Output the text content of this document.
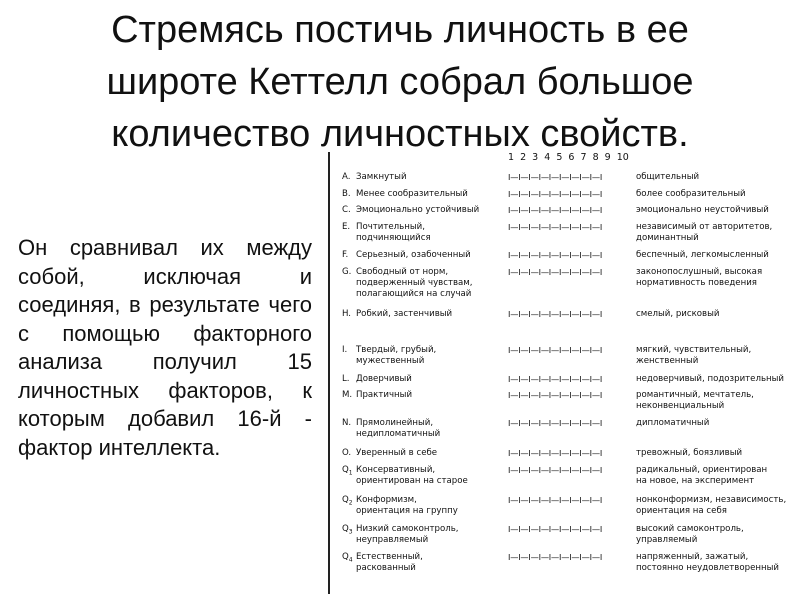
Стремясь постичь личность в ее
широте Кеттелл собрал большое
количество личностных свойств.
Он сравнивал их между собой, исключая и соединяя, в результате чего с помощью факторного анализа получил 15 личностных факторов, к которым добавил 16-й - фактор интеллекта.
1  2  3  4  5  6  7  8  9  10
A. Замкнутый	I—I—I—I—I—I—I—I—I—I	общительный
B. Менее сообразительный	I—I—I—I—I—I—I—I—I—I	более сообразительный
C. Эмоционально устойчивый	I—I—I—I—I—I—I—I—I—I	эмоционально неустойчивый
E. Почтительный,
подчиняющийся
I—I—I—I—I—I—I—I—I—I	независимый от авторитетов,
доминантный
F. Серьезный, озабоченный	I—I—I—I—I—I—I—I—I—I	беспечный, легкомысленный
G. Свободный от норм,
подверженный чувствам,
полагающийся на случай
I—I—I—I—I—I—I—I—I—I	законопослушный, высокая
нормативность поведения
H. Робкий, застенчивый	I—I—I—I—I—I—I—I—I—I	смелый, рисковый
I. Твердый, грубый,
мужественный
I—I—I—I—I—I—I—I—I—I	мягкий, чувствительный,
женственный
L. Доверчивый	I—I—I—I—I—I—I—I—I—I	недоверчивый, подозрительный
M. Практичный	I—I—I—I—I—I—I—I—I—I	романтичный, мечтатель,
неконвенциальный
N. Прямолинейный,
недипломатичный
I—I—I—I—I—I—I—I—I—I	дипломатичный
O. Уверенный в себе	I—I—I—I—I—I—I—I—I—I	тревожный, боязливый
$Q_1$ Консервативный,
ориентирован на старое
I—I—I—I—I—I—I—I—I—I	радикальный, ориентирован
на новое, на эксперимент
$Q_2$ Конформизм,
ориентация на группу
I—I—I—I—I—I—I—I—I—I	нонконформизм, независимость,
ориентация на себя
$Q_3$ Низкий самоконтроль,
неуправляемый
I—I—I—I—I—I—I—I—I—I	высокий самоконтроль,
управляемый
$Q_4$ Естественный,
раскованный
I—I—I—I—I—I—I—I—I—I	напряженный, зажатый,
постоянно неудовлетворенный
